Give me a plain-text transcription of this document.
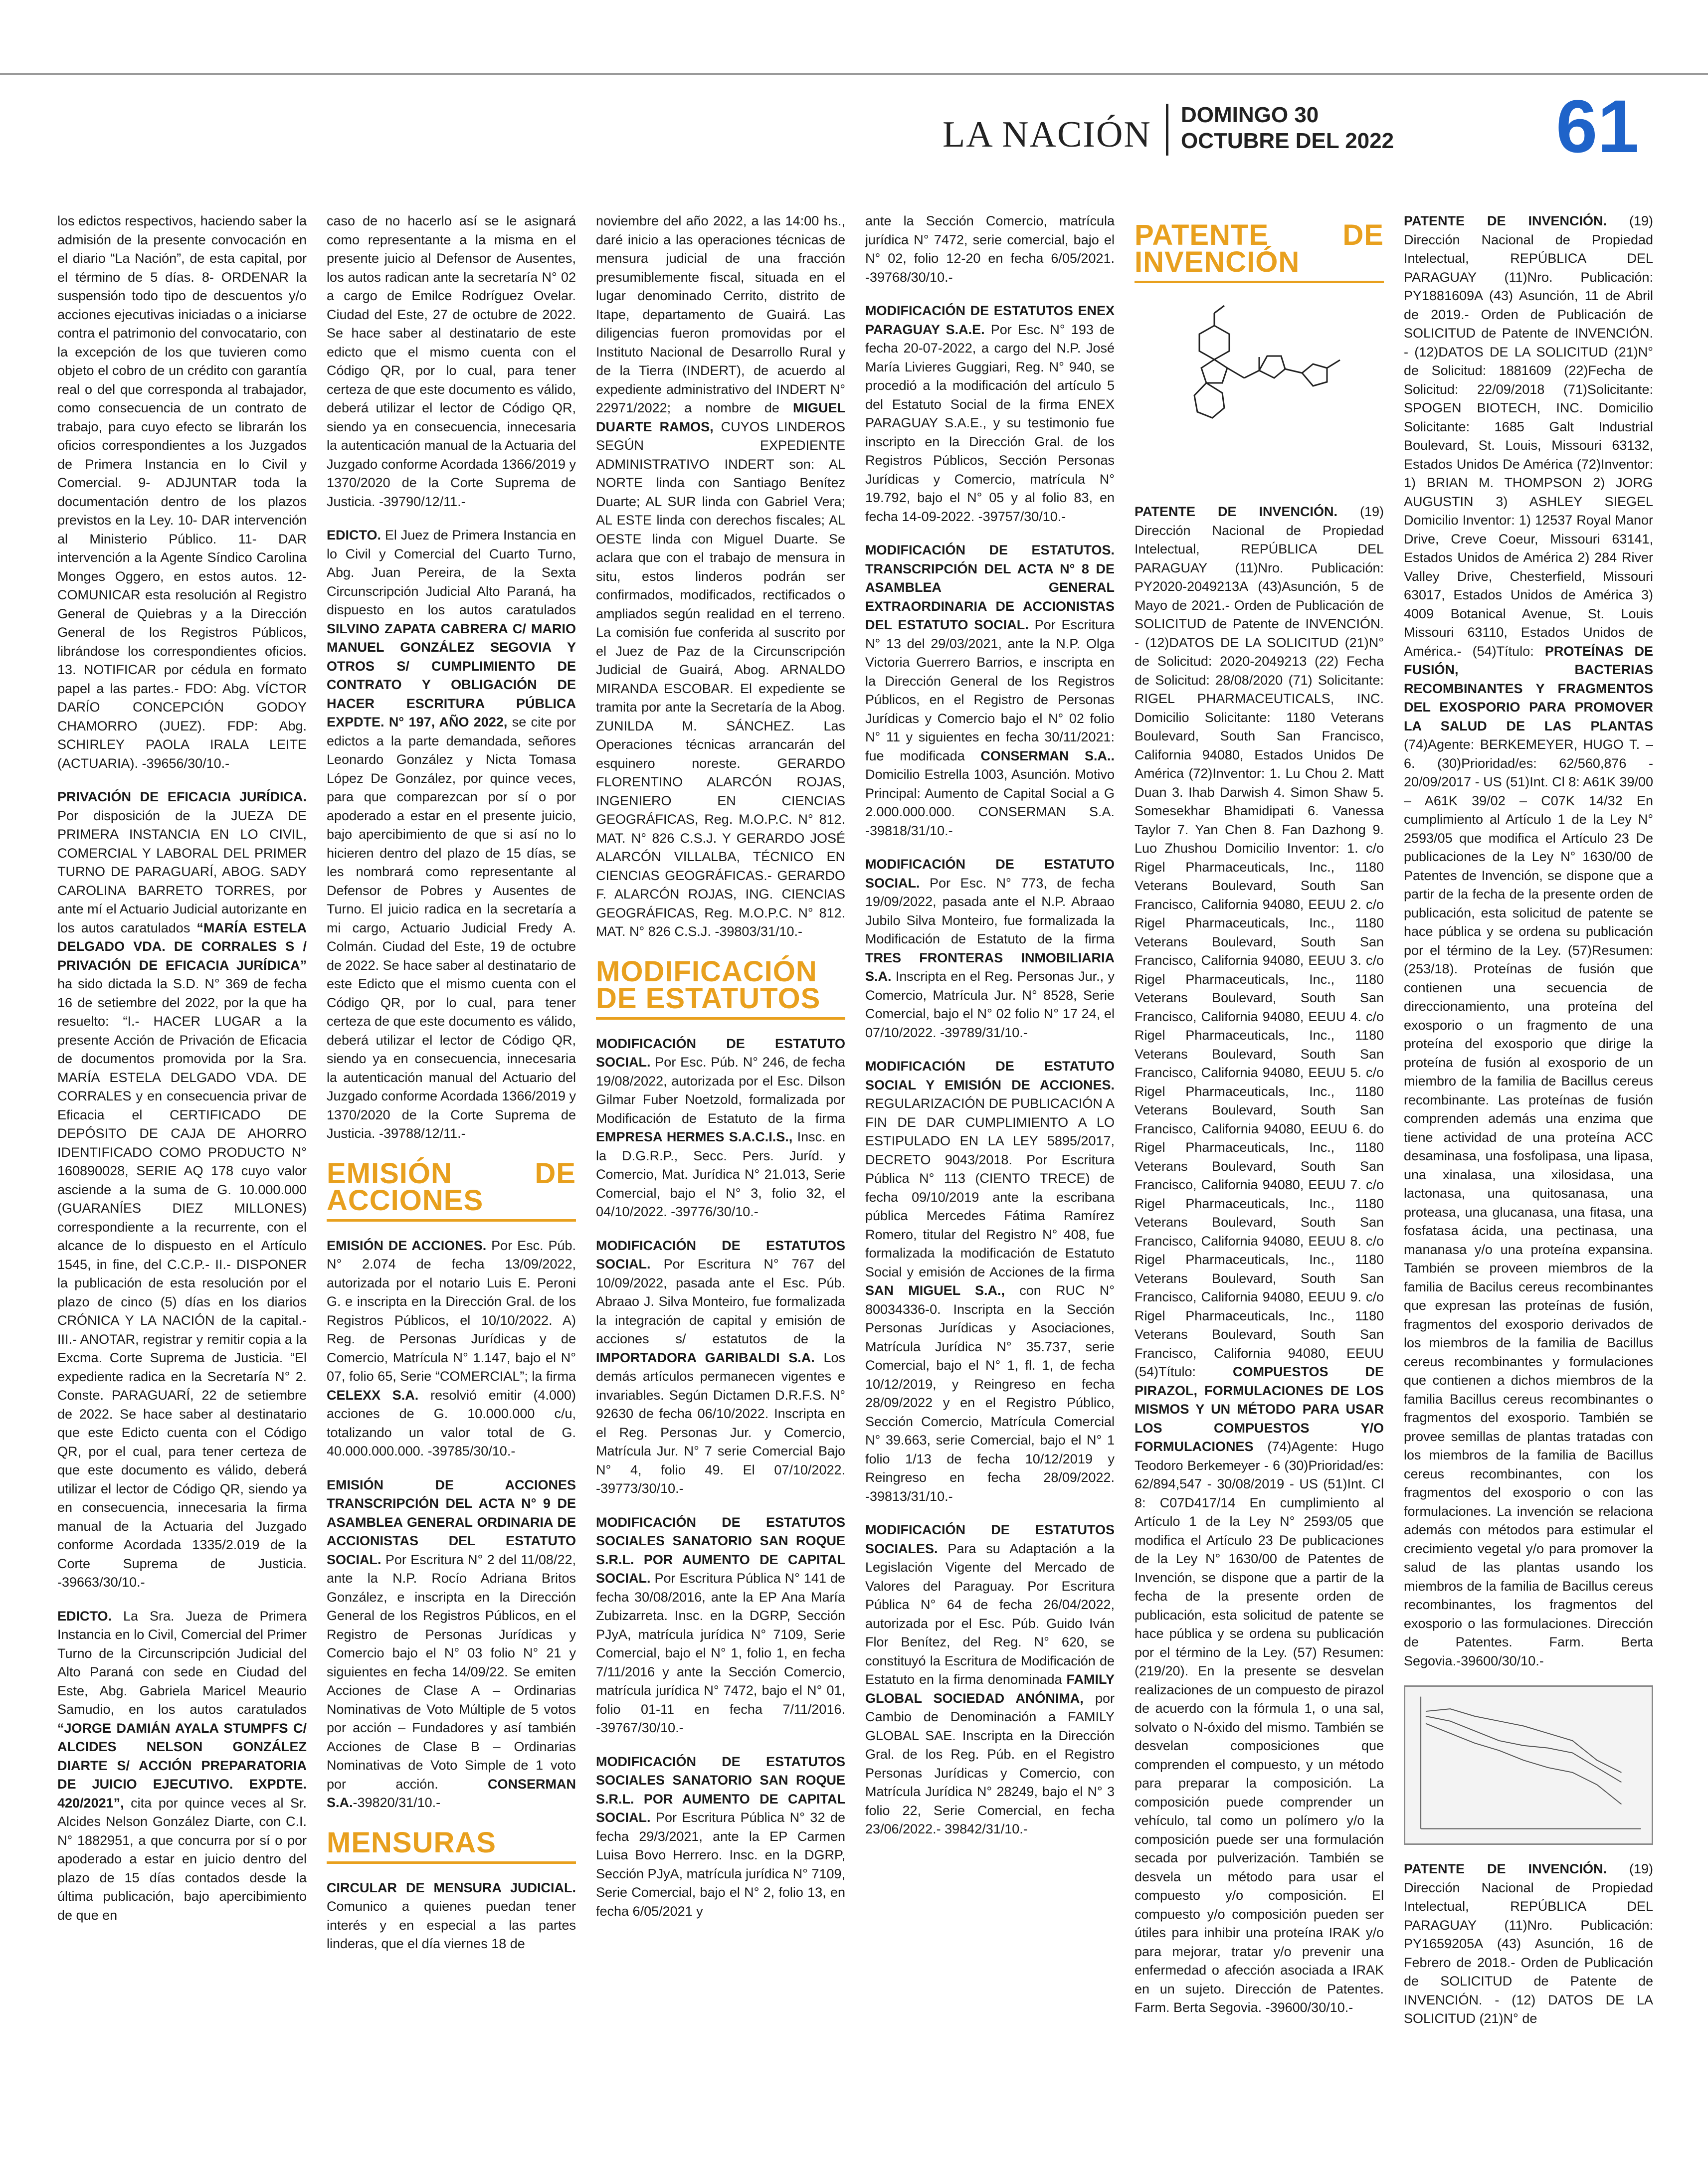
LA NACIÓN DOMINGO 30
OCTUBRE DEL 2022 61

los edictos respectivos, haciendo saber la admisión de la presente convocación en el diario “La Nación”, de esta capital, por el término de 5 días. 8- ORDENAR la suspensión todo tipo de descuentos y/o acciones ejecutivas iniciadas o a iniciarse contra el patrimonio del convocatario, con la excepción de los que tuvieren como objeto el cobro de un crédito con garantía real o del que corresponda al trabajador, como consecuencia de un contrato de trabajo, para cuyo efecto se librarán los oficios correspondientes a los Juzgados de Primera Instancia en lo Civil y Comercial. 9- ADJUNTAR toda la documentación dentro de los plazos previstos en la Ley. 10- DAR intervención al Ministerio Público. 11- DAR intervención a la Agente Síndico Carolina Monges Oggero, en estos autos. 12- COMUNICAR esta resolución al Registro General de Quiebras y a la Dirección General de los Registros Públicos, librándose los correspondientes oficios. 13. NOTIFICAR por cédula en formato papel a las partes.- FDO: Abg. VÍCTOR DARÍO CONCEPCIÓN GODOY CHAMORRO (JUEZ). FDP: Abg. SCHIRLEY PAOLA IRALA LEITE (ACTUARIA). -39656/30/10.-

PRIVACIÓN DE EFICACIA JURÍDICA. Por disposición de la JUEZA DE PRIMERA INSTANCIA EN LO CIVIL, COMERCIAL Y LABORAL DEL PRIMER TURNO DE PARAGUARÍ, ABOG. SADY CAROLINA BARRETO TORRES, por ante mí el Actuario Judicial autorizante en los autos caratulados “MARÍA ESTELA DELGADO VDA. DE CORRALES S / PRIVACIÓN DE EFICACIA JURÍDICA” ha sido dictada la S.D. N° 369 de fecha 16 de setiembre del 2022, por la que ha resuelto: “I.- HACER LUGAR a la presente Acción de Privación de Eficacia de documentos promovida por la Sra. MARÍA ESTELA DELGADO VDA. DE CORRALES y en consecuencia privar de Eficacia el CERTIFICADO DE DEPÓSITO DE CAJA DE AHORRO IDENTIFICADO COMO PRODUCTO N° 160890028, SERIE AQ 178 cuyo valor asciende a la suma de G. 10.000.000 (GUARANÍES DIEZ MILLONES) correspondiente a la recurrente, con el alcance de lo dispuesto en el Artículo 1545, in fine, del C.C.P.- II.- DISPONER la publicación de esta resolución por el plazo de cinco (5) días en los diarios CRÓNICA Y LA NACIÓN de la capital.- III.- ANOTAR, registrar y remitir copia a la Excma. Corte Suprema de Justicia. “El expediente radica en la Secretaría N° 2. Conste. PARAGUARÍ, 22 de setiembre de 2022. Se hace saber al destinatario que este Edicto cuenta con el Código QR, por el cual, para tener certeza de que este documento es válido, deberá utilizar el lector de Código QR, siendo ya en consecuencia, innecesaria la firma manual de la Actuaria del Juzgado conforme Acordada 1335/2.019 de la Corte Suprema de Justicia. -39663/30/10.-

EDICTO. La Sra. Jueza de Primera Instancia en lo Civil, Comercial del Primer Turno de la Circunscripción Judicial del Alto Paraná con sede en Ciudad del Este, Abg. Gabriela Maricel Meaurio Samudio, en los autos caratulados “JORGE DAMIÁN AYALA STUMPFS C/ ALCIDES NELSON GONZÁLEZ DIARTE S/ ACCIÓN PREPARATORIA DE JUICIO EJECUTIVO. EXPDTE. 420/2021”, cita por quince veces al Sr. Alcides Nelson González Diarte, con C.I. N° 1882951, a que concurra por sí o por apoderado a estar en juicio dentro del plazo de 15 días contados desde la última publicación, bajo apercibimiento de que en

caso de no hacerlo así se le asignará como representante a la misma en el presente juicio al Defensor de Ausentes, los autos radican ante la secretaría N° 02 a cargo de Emilce Rodríguez Ovelar. Ciudad del Este, 27 de octubre de 2022. Se hace saber al destinatario de este edicto que el mismo cuenta con el Código QR, por lo cual, para tener certeza de que este documento es válido, deberá utilizar el lector de Código QR, siendo ya en consecuencia, innecesaria la autenticación manual de la Actuaria del Juzgado conforme Acordada 1366/2019 y 1370/2020 de la Corte Suprema de Justicia. -39790/12/11.-

EDICTO. El Juez de Primera Instancia en lo Civil y Comercial del Cuarto Turno, Abg. Juan Pereira, de la Sexta Circunscripción Judicial Alto Paraná, ha dispuesto en los autos caratulados SILVINO ZAPATA CABRERA C/ MARIO MANUEL GONZÁLEZ SEGOVIA Y OTROS S/ CUMPLIMIENTO DE CONTRATO Y OBLIGACIÓN DE HACER ESCRITURA PÚBLICA EXPDTE. N° 197, AÑO 2022, se cite por edictos a la parte demandada, señores Leonardo González y Nicta Tomasa López De González, por quince veces, para que comparezcan por sí o por apoderado a estar en el presente juicio, bajo apercibimiento de que si así no lo hicieren dentro del plazo de 15 días, se les nombrará como representante al Defensor de Pobres y Ausentes de Turno. El juicio radica en la secretaría a mi cargo, Actuario Judicial Fredy A. Colmán. Ciudad del Este, 19 de octubre de 2022. Se hace saber al destinatario de este Edicto que el mismo cuenta con el Código QR, por lo cual, para tener certeza de que este documento es válido, deberá utilizar el lector de Código QR, siendo ya en consecuencia, innecesaria la autenticación manual del Actuario del Juzgado conforme Acordada 1366/2019 y 1370/2020 de la Corte Suprema de Justicia. -39788/12/11.-

EMISIÓN DE ACCIONES

EMISIÓN DE ACCIONES. Por Esc. Púb. N° 2.074 de fecha 13/09/2022, autorizada por el notario Luis E. Peroni G. e inscripta en la Dirección Gral. de los Registros Públicos, el 10/10/2022. A) Reg. de Personas Jurídicas y de Comercio, Matrícula N° 1.147, bajo el N° 07, folio 65, Serie “COMERCIAL”; la firma CELEXX S.A. resolvió emitir (4.000) acciones de G. 10.000.000 c/u, totalizando un valor total de G. 40.000.000.000. -39785/30/10.-

EMISIÓN DE ACCIONES TRANSCRIPCIÓN DEL ACTA N° 9 DE ASAMBLEA GENERAL ORDINARIA DE ACCIONISTAS DEL ESTATUTO SOCIAL. Por Escritura N° 2 del 11/08/22, ante la N.P. Rocío Adriana Britos González, e inscripta en la Dirección General de los Registros Públicos, en el Registro de Personas Jurídicas y Comercio bajo el N° 03 folio N° 21 y siguientes en fecha 14/09/22. Se emiten Acciones de Clase A – Ordinarias Nominativas de Voto Múltiple de 5 votos por acción – Fundadores y así también Acciones de Clase B – Ordinarias Nominativas de Voto Simple de 1 voto por acción. CONSERMAN S.A.-39820/31/10.-

MENSURAS

CIRCULAR DE MENSURA JUDICIAL. Comunico a quienes puedan tener interés y en especial a las partes linderas, que el día viernes 18 de

noviembre del año 2022, a las 14:00 hs., daré inicio a las operaciones técnicas de mensura judicial de una fracción presumiblemente fiscal, situada en el lugar denominado Cerrito, distrito de Itape, departamento de Guairá. Las diligencias fueron promovidas por el Instituto Nacional de Desarrollo Rural y de la Tierra (INDERT), de acuerdo al expediente administrativo del INDERT N° 22971/2022; a nombre de MIGUEL DUARTE RAMOS, CUYOS LINDEROS SEGÚN EXPEDIENTE ADMINISTRATIVO INDERT son: AL NORTE linda con Santiago Benítez Duarte; AL SUR linda con Gabriel Vera; AL ESTE linda con derechos fiscales; AL OESTE linda con Miguel Duarte. Se aclara que con el trabajo de mensura in situ, estos linderos podrán ser confirmados, modificados, rectificados o ampliados según realidad en el terreno. La comisión fue conferida al suscrito por el Juez de Paz de la Circunscripción Judicial de Guairá, Abog. ARNALDO MIRANDA ESCOBAR. El expediente se tramita por ante la Secretaría de la Abog. ZUNILDA M. SÁNCHEZ. Las Operaciones técnicas arrancarán del esquinero noreste. GERARDO FLORENTINO ALARCÓN ROJAS, INGENIERO EN CIENCIAS GEOGRÁFICAS, Reg. M.O.P.C. N° 812. MAT. N° 826 C.S.J. Y GERARDO JOSÉ ALARCÓN VILLALBA, TÉCNICO EN CIENCIAS GEOGRÁFICAS.- GERARDO F. ALARCÓN ROJAS, ING. CIENCIAS GEOGRÁFICAS, Reg. M.O.P.C. N° 812. MAT. N° 826 C.S.J. -39803/31/10.-

MODIFICACIÓN DE ESTATUTOS

MODIFICACIÓN DE ESTATUTO SOCIAL. Por Esc. Púb. N° 246, de fecha 19/08/2022, autorizada por el Esc. Dilson Gilmar Fuber Noetzold, formalizada por Modificación de Estatuto de la firma EMPRESA HERMES S.A.C.I.S., Insc. en la D.G.R.P., Secc. Pers. Juríd. y Comercio, Mat. Jurídica N° 21.013, Serie Comercial, bajo el N° 3, folio 32, el 04/10/2022. -39776/30/10.-

MODIFICACIÓN DE ESTATUTOS SOCIAL. Por Escritura N° 767 del 10/09/2022, pasada ante el Esc. Púb. Abraao J. Silva Monteiro, fue formalizada la integración de capital y emisión de acciones s/ estatutos de la IMPORTADORA GARIBALDI S.A. Los demás artículos permanecen vigentes e invariables. Según Dictamen D.R.F.S. N° 92630 de fecha 06/10/2022. Inscripta en el Reg. Personas Jur. y Comercio, Matrícula Jur. N° 7 serie Comercial Bajo N° 4, folio 49. El 07/10/2022. -39773/30/10.-

MODIFICACIÓN DE ESTATUTOS SOCIALES SANATORIO SAN ROQUE S.R.L. POR AUMENTO DE CAPITAL SOCIAL. Por Escritura Pública N° 141 de fecha 30/08/2016, ante la EP Ana María Zubizarreta. Insc. en la DGRP, Sección PJyA, matrícula jurídica N° 7109, Serie Comercial, bajo el N° 1, folio 1, en fecha 7/11/2016 y ante la Sección Comercio, matrícula jurídica N° 7472, bajo el N° 01, folio 01-11 en fecha 7/11/2016. -39767/30/10.-

MODIFICACIÓN DE ESTATUTOS SOCIALES SANATORIO SAN ROQUE S.R.L. POR AUMENTO DE CAPITAL SOCIAL. Por Escritura Pública N° 32 de fecha 29/3/2021, ante la EP Carmen Luisa Bovo Herrero. Insc. en la DGRP, Sección PJyA, matrícula jurídica N° 7109, Serie Comercial, bajo el N° 2, folio 13, en fecha 6/05/2021 y

ante la Sección Comercio, matrícula jurídica N° 7472, serie comercial, bajo el N° 02, folio 12-20 en fecha 6/05/2021. -39768/30/10.-

MODIFICACIÓN DE ESTATUTOS ENEX PARAGUAY S.A.E. Por Esc. N° 193 de fecha 20-07-2022, a cargo del N.P. José María Livieres Guggiari, Reg. N° 940, se procedió a la modificación del artículo 5 del Estatuto Social de la firma ENEX PARAGUAY S.A.E., y su testimonio fue inscripto en la Dirección Gral. de los Registros Públicos, Sección Personas Jurídicas y Comercio, matrícula N° 19.792, bajo el N° 05 y al folio 83, en fecha 14-09-2022. -39757/30/10.-

MODIFICACIÓN DE ESTATUTOS. TRANSCRIPCIÓN DEL ACTA N° 8 DE ASAMBLEA GENERAL EXTRAORDINARIA DE ACCIONISTAS DEL ESTATUTO SOCIAL. Por Escritura N° 13 del 29/03/2021, ante la N.P. Olga Victoria Guerrero Barrios, e inscripta en la Dirección General de los Registros Públicos, en el Registro de Personas Jurídicas y Comercio bajo el N° 02 folio N° 11 y siguientes en fecha 30/11/2021: fue modificada CONSERMAN S.A.. Domicilio Estrella 1003, Asunción. Motivo Principal: Aumento de Capital Social a G 2.000.000.000. CONSERMAN S.A. -39818/31/10.-

MODIFICACIÓN DE ESTATUTO SOCIAL. Por Esc. N° 773, de fecha 19/09/2022, pasada ante el N.P. Abraao Jubilo Silva Monteiro, fue formalizada la Modificación de Estatuto de la firma TRES FRONTERAS INMOBILIARIA S.A. Inscripta en el Reg. Personas Jur., y Comercio, Matrícula Jur. N° 8528, Serie Comercial, bajo el N° 02 folio N° 17 24, el 07/10/2022. -39789/31/10.-

MODIFICACIÓN DE ESTATUTO SOCIAL Y EMISIÓN DE ACCIONES. REGULARIZACIÓN DE PUBLICACIÓN A FIN DE DAR CUMPLIMIENTO A LO ESTIPULADO EN LA LEY 5895/2017, DECRETO 9043/2018. Por Escritura Pública N° 113 (CIENTO TRECE) de fecha 09/10/2019 ante la escribana pública Mercedes Fátima Ramírez Romero, titular del Registro N° 408, fue formalizada la modificación de Estatuto Social y emisión de Acciones de la firma SAN MIGUEL S.A., con RUC N° 80034336-0. Inscripta en la Sección Personas Jurídicas y Asociaciones, Matrícula Jurídica N° 35.737, serie Comercial, bajo el N° 1, fl. 1, de fecha 10/12/2019, y Reingreso en fecha 28/09/2022 y en el Registro Público, Sección Comercio, Matrícula Comercial N° 39.663, serie Comercial, bajo el N° 1 folio 1/13 de fecha 10/12/2019 y Reingreso en fecha 28/09/2022. -39813/31/10.-

MODIFICACIÓN DE ESTATUTOS SOCIALES. Para su Adaptación a la Legislación Vigente del Mercado de Valores del Paraguay. Por Escritura Pública N° 64 de fecha 26/04/2022, autorizada por el Esc. Púb. Guido Iván Flor Benítez, del Reg. N° 620, se constituyó la Escritura de Modificación de Estatuto en la firma denominada FAMILY GLOBAL SOCIEDAD ANÓNIMA, por Cambio de Denominación a FAMILY GLOBAL SAE. Inscripta en la Dirección Gral. de los Reg. Púb. en el Registro Personas Jurídicas y Comercio, con Matrícula Jurídica N° 28249, bajo el N° 3 folio 22, Serie Comercial, en fecha 23/06/2022.- 39842/31/10.-

PATENTE DE INVENCIÓN

PATENTE DE INVENCIÓN. (19) Dirección Nacional de Propiedad Intelectual, REPÚBLICA DEL PARAGUAY (11)Nro. Publicación: PY2020-2049213A (43)Asunción, 5 de Mayo de 2021.- Orden de Publicación de SOLICITUD de Patente de INVENCIÓN. - (12)DATOS DE LA SOLICITUD (21)N° de Solicitud: 2020-2049213 (22) Fecha de Solicitud: 28/08/2020 (71) Solicitante: RIGEL PHARMACEUTICALS, INC. Domicilio Solicitante: 1180 Veterans Boulevard, South San Francisco, California 94080, Estados Unidos De América (72)Inventor: 1. Lu Chou 2. Matt Duan 3. Ihab Darwish 4. Simon Shaw 5. Somesekhar Bhamidipati 6. Vanessa Taylor 7. Yan Chen 8. Fan Dazhong 9. Luo Zhushou Domicilio Inventor: 1. c/o Rigel Pharmaceuticals, Inc., 1180 Veterans Boulevard, South San Francisco, California 94080, EEUU 2. c/o Rigel Pharmaceuticals, Inc., 1180 Veterans Boulevard, South San Francisco, California 94080, EEUU 3. c/o Rigel Pharmaceuticals, Inc., 1180 Veterans Boulevard, South San Francisco, California 94080, EEUU 4. c/o Rigel Pharmaceuticals, Inc., 1180 Veterans Boulevard, South San Francisco, California 94080, EEUU 5. c/o Rigel Pharmaceuticals, Inc., 1180 Veterans Boulevard, South San Francisco, California 94080, EEUU 6. do Rigel Pharmaceuticals, Inc., 1180 Veterans Boulevard, South San Francisco, California 94080, EEUU 7. c/o Rigel Pharmaceuticals, Inc., 1180 Veterans Boulevard, South San Francisco, California 94080, EEUU 8. c/o Rigel Pharmaceuticals, Inc., 1180 Veterans Boulevard, South San Francisco, California 94080, EEUU 9. c/o Rigel Pharmaceuticals, Inc., 1180 Veterans Boulevard, South San Francisco, California 94080, EEUU (54)Título: COMPUESTOS DE PIRAZOL, FORMULACIONES DE LOS MISMOS Y UN MÉTODO PARA USAR LOS COMPUESTOS Y/O FORMULACIONES (74)Agente: Hugo Teodoro Berkemeyer - 6 (30)Prioridad/es: 62/894,547 - 30/08/2019 - US (51)Int. Cl 8: C07D417/14 En cumplimiento al Artículo 1 de la Ley N° 2593/05 que modifica el Artículo 23 De publicaciones de la Ley N° 1630/00 de Patentes de Invención, se dispone que a partir de la fecha de la presente orden de publicación, esta solicitud de patente se hace pública y se ordena su publicación por el término de la Ley. (57) Resumen: (219/20). En la presente se desvelan realizaciones de un compuesto de pirazol de acuerdo con la fórmula 1, o una sal, solvato o N-óxido del mismo. También se desvelan composiciones que comprenden el compuesto, y un método para preparar la composición. La composición puede comprender un vehículo, tal como un polímero y/o la composición puede ser una formulación secada por pulverización. También se desvela un método para usar el compuesto y/o composición. El compuesto y/o composición pueden ser útiles para inhibir una proteína IRAK y/o para mejorar, tratar y/o prevenir una enfermedad o afección asociada a IRAK en un sujeto. Dirección de Patentes. Farm. Berta Segovia. -39600/30/10.-

PATENTE DE INVENCIÓN. (19) Dirección Nacional de Propiedad Intelectual, REPÚBLICA DEL PARAGUAY (11)Nro. Publicación: PY1881609A (43) Asunción, 11 de Abril de 2019.- Orden de Publicación de SOLICITUD de Patente de INVENCIÓN. - (12)DATOS DE LA SOLICITUD (21)N° de Solicitud: 1881609 (22)Fecha de Solicitud: 22/09/2018 (71)Solicitante: SPOGEN BIOTECH, INC. Domicilio Solicitante: 1685 Galt Industrial Boulevard, St. Louis, Missouri 63132, Estados Unidos De América (72)Inventor: 1) BRIAN M. THOMPSON 2) JORG AUGUSTIN 3) ASHLEY SIEGEL Domicilio Inventor: 1) 12537 Royal Manor Drive, Creve Coeur, Missouri 63141, Estados Unidos de América 2) 284 River Valley Drive, Chesterfield, Missouri 63017, Estados Unidos de América 3) 4009 Botanical Avenue, St. Louis Missouri 63110, Estados Unidos de América.- (54)Título: PROTEÍNAS DE FUSIÓN, BACTERIAS RECOMBINANTES Y FRAGMENTOS DEL EXOSPORIO PARA PROMOVER LA SALUD DE LAS PLANTAS (74)Agente: BERKEMEYER, HUGO T. – 6. (30)Prioridad/es: 62/560,876 - 20/09/2017 - US (51)Int. Cl 8: A61K 39/00 – A61K 39/02 – C07K 14/32 En cumplimiento al Artículo 1 de la Ley N° 2593/05 que modifica el Artículo 23 De publicaciones de la Ley N° 1630/00 de Patentes de Invención, se dispone que a partir de la fecha de la presente orden de publicación, esta solicitud de patente se hace pública y se ordena su publicación por el término de la Ley. (57)Resumen: (253/18). Proteínas de fusión que contienen una secuencia de direccionamiento, una proteína del exosporio o un fragmento de una proteína del exosporio que dirige la proteína de fusión al exosporio de un miembro de la familia de Bacillus cereus recombinante. Las proteínas de fusión comprenden además una enzima que tiene actividad de una proteína ACC desaminasa, una fosfolipasa, una lipasa, una xinalasa, una xilosidasa, una lactonasa, una quitosanasa, una proteasa, una glucanasa, una fitasa, una fosfatasa ácida, una pectinasa, una mananasa y/o una proteína expansina. También se proveen miembros de la familia de Bacilus cereus recombinantes que expresan las proteínas de fusión, fragmentos del exosporio derivados de los miembros de la familia de Bacillus cereus recombinantes y formulaciones que contienen a dichos miembros de la familia Bacillus cereus recombinantes o fragmentos del exosporio. También se provee semillas de plantas tratadas con los miembros de la familia de Bacillus cereus recombinantes, con los fragmentos del exosporio o con las formulaciones. La invención se relaciona además con métodos para estimular el crecimiento vegetal y/o para promover la salud de las plantas usando los miembros de la familia de Bacillus cereus recombinantes, los fragmentos del exosporio o las formulaciones. Dirección de Patentes. Farm. Berta Segovia.-39600/30/10.-

PATENTE DE INVENCIÓN. (19) Dirección Nacional de Propiedad Intelectual, REPÚBLICA DEL PARAGUAY (11)Nro. Publicación: PY1659205A (43) Asunción, 16 de Febrero de 2018.- Orden de Publicación de SOLICITUD de Patente de INVENCIÓN. - (12) DATOS DE LA SOLICITUD (21)N° de
